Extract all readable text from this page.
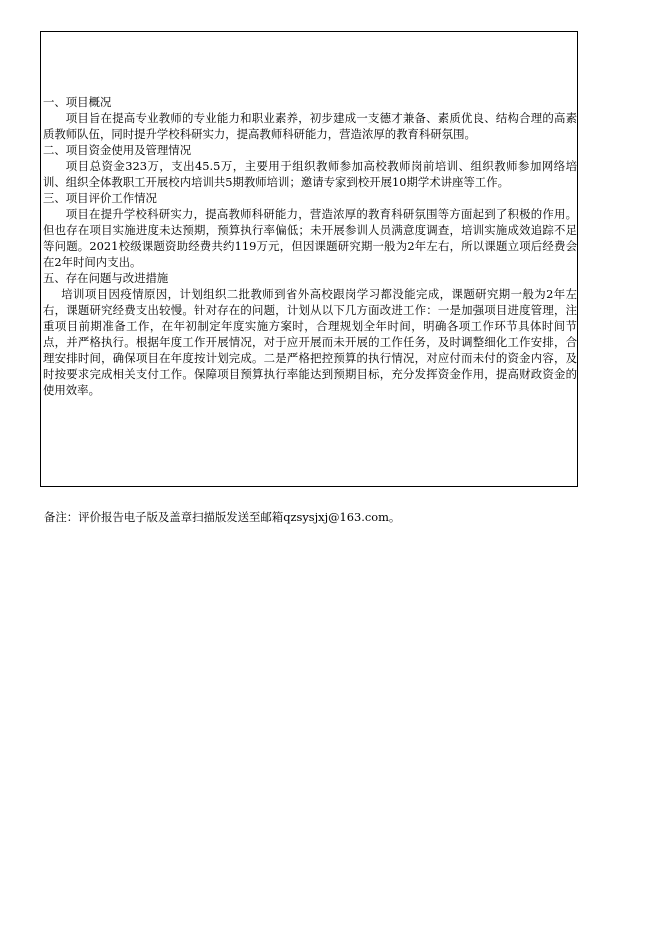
一、项目概况

项目旨在提高专业教师的专业能力和职业素养，初步建成一支德才兼备、素质优良、结构合理的高素质教师队伍，同时提升学校科研实力，提高教师科研能力，营造浓厚的教育科研氛围。

二、项目资金使用及管理情况

项目总资金323万，支出45.5万，主要用于组织教师参加高校教师岗前培训、组织教师参加网络培训、组织全体教职工开展校内培训共5期教师培训；邀请专家到校开展10期学术讲座等工作。

三、项目评价工作情况

项目在提升学校科研实力，提高教师科研能力，营造浓厚的教育科研氛围等方面起到了积极的作用。但也存在项目实施进度未达预期，预算执行率偏低；未开展参训人员满意度调查，培训实施成效追踪不足等问题。2021校级课题资助经费共约119万元，但因课题研究期一般为2年左右，所以课题立项后经费会在2年时间内支出。

五、存在问题与改进措施

培训项目因疫情原因，计划组织二批教师到省外高校跟岗学习都没能完成，课题研究期一般为2年左右，课题研究经费支出较慢。针对存在的问题，计划从以下几方面改进工作：一是加强项目进度管理，注重项目前期准备工作，在年初制定年度实施方案时，合理规划全年时间，明确各项工作环节具体时间节点，并严格执行。根据年度工作开展情况，对于应开展而未开展的工作任务，及时调整细化工作安排，合理安排时间，确保项目在年度按计划完成。二是严格把控预算的执行情况，对应付而未付的资金内容，及时按要求完成相关支付工作。保障项目预算执行率能达到预期目标，充分发挥资金作用，提高财政资金的使用效率。

备注：评价报告电子版及盖章扫描版发送至邮箱qzsysjxj@163.com。
